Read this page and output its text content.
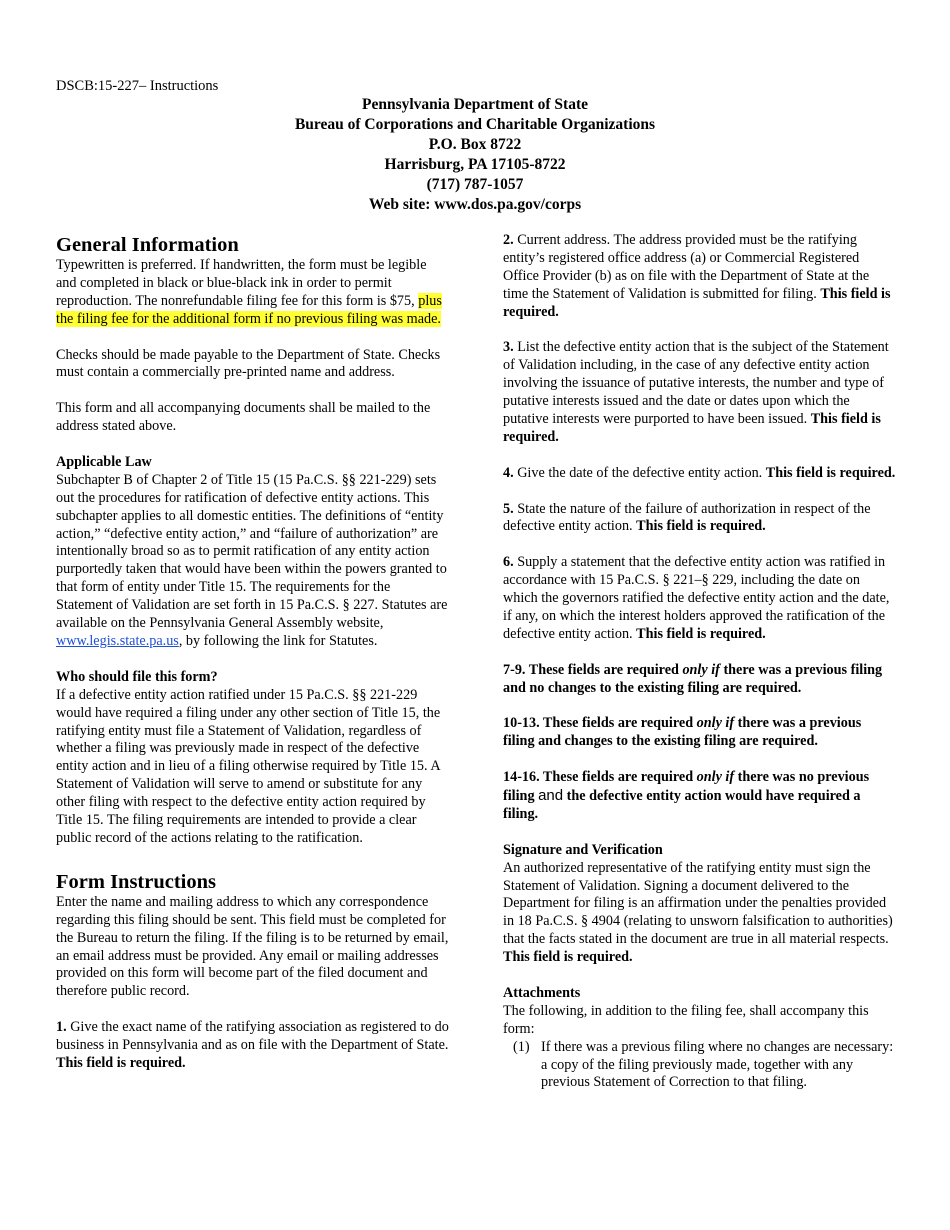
DSCB:15-227– Instructions
Pennsylvania Department of State
Bureau of Corporations and Charitable Organizations
P.O. Box 8722
Harrisburg, PA 17105-8722
(717) 787-1057
Web site: www.dos.pa.gov/corps
General Information

Typewritten is preferred. If handwritten, the form must be legible and completed in black or blue-black ink in order to permit reproduction. The nonrefundable filing fee for this form is $75, plus the filing fee for the additional form if no previous filing was made.

Checks should be made payable to the Department of State. Checks must contain a commercially pre-printed name and address.

This form and all accompanying documents shall be mailed to the address stated above.

Applicable Law

Subchapter B of Chapter 2 of Title 15 (15 Pa.C.S. §§ 221-229) sets out the procedures for ratification of defective entity actions. This subchapter applies to all domestic entities. The definitions of “entity action,” “defective entity action,” and “failure of authorization” are intentionally broad so as to permit ratification of any entity action purportedly taken that would have been within the powers granted to that form of entity under Title 15. The requirements for the Statement of Validation are set forth in 15 Pa.C.S. § 227. Statutes are available on the Pennsylvania General Assembly website, www.legis.state.pa.us, by following the link for Statutes.

Who should file this form?

If a defective entity action ratified under 15 Pa.C.S. §§ 221-229 would have required a filing under any other section of Title 15, the ratifying entity must file a Statement of Validation, regardless of whether a filing was previously made in respect of the defective entity action and in lieu of a filing otherwise required by Title 15. A Statement of Validation will serve to amend or substitute for any other filing with respect to the defective entity action required by Title 15. The filing requirements are intended to provide a clear public record of the actions relating to the ratification.

Form Instructions

Enter the name and mailing address to which any correspondence regarding this filing should be sent. This field must be completed for the Bureau to return the filing. If the filing is to be returned by email, an email address must be provided. Any email or mailing addresses provided on this form will become part of the filed document and therefore public record.

1. Give the exact name of the ratifying association as registered to do business in Pennsylvania and as on file with the Department of State. This field is required.

2. Current address. The address provided must be the ratifying entity’s registered office address (a) or Commercial Registered Office Provider (b) as on file with the Department of State at the time the Statement of Validation is submitted for filing. This field is required.

3. List the defective entity action that is the subject of the Statement of Validation including, in the case of any defective entity action involving the issuance of putative interests, the number and type of putative interests issued and the date or dates upon which the putative interests were purported to have been issued. This field is required.

4. Give the date of the defective entity action. This field is required.

5. State the nature of the failure of authorization in respect of the defective entity action. This field is required.

6. Supply a statement that the defective entity action was ratified in accordance with 15 Pa.C.S. § 221–§ 229, including the date on which the governors ratified the defective entity action and the date, if any, on which the interest holders approved the ratification of the defective entity action. This field is required.

7-9. These fields are required only if there was a previous filing and no changes to the existing filing are required.

10-13. These fields are required only if there was a previous filing and changes to the existing filing are required.

14-16. These fields are required only if there was no previous filing and the defective entity action would have required a filing.

Signature and Verification

An authorized representative of the ratifying entity must sign the Statement of Validation. Signing a document delivered to the Department for filing is an affirmation under the penalties provided in 18 Pa.C.S. § 4904 (relating to unsworn falsification to authorities) that the facts stated in the document are true in all material respects. This field is required.

Attachments

The following, in addition to the filing fee, shall accompany this form:

(1) If there was a previous filing where no changes are necessary: a copy of the filing previously made, together with any previous Statement of Correction to that filing.
